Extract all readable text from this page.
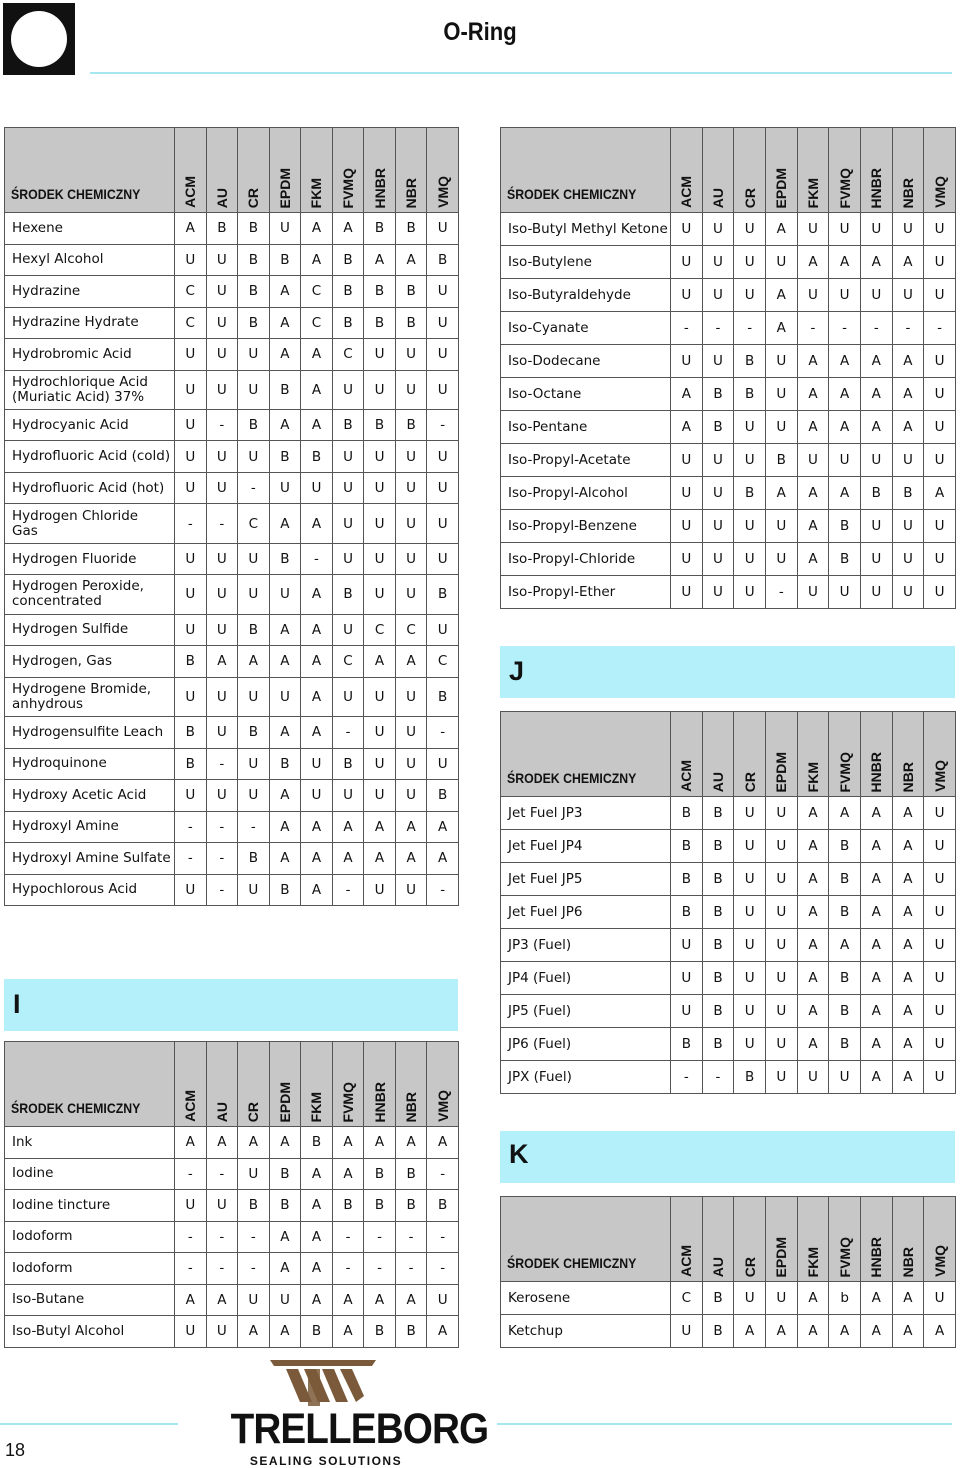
O-Ring
ŚRODEK CHEMICZNY	ACM	AU	CR	EPDM	FKM	FVMQ	HNBR	NBR	VMQ

Hexene	A	B	B	U	A	A	B	B	U
Hexyl Alcohol	U	U	B	B	A	B	A	A	B
Hydrazine	C	U	B	A	C	B	B	B	U
Hydrazine Hydrate	C	U	B	A	C	B	B	B	U
Hydrobromic Acid	U	U	U	A	A	C	U	U	U

Hydrochlorique Acid
(Muriatic Acid) 37%	U	U	U	B	A	U	U	U	U
Hydrocyanic Acid	U	-	B	A	A	B	B	B	-
Hydrofluoric Acid (cold)	U	U	U	B	B	U	U	U	U
Hydrofluoric Acid (hot)	U	U	-	U	U	U	U	U	U

Hydrogen Chloride
Gas	-	-	C	A	A	U	U	U	U
Hydrogen Fluoride	U	U	U	B	-	U	U	U	U

Hydrogen Peroxide,
concentrated	U	U	U	U	A	B	U	U	B
Hydrogen Sulfide	U	U	B	A	A	U	C	C	U
Hydrogen, Gas	B	A	A	A	A	C	A	A	C

Hydrogene Bromide,
anhydrous	U	U	U	U	A	U	U	U	B
Hydrogensulfite Leach	B	U	B	A	A	-	U	U	-
Hydroquinone	B	-	U	B	U	B	U	U	U
Hydroxy Acetic Acid	U	U	U	A	U	U	U	U	B
Hydroxyl Amine	-	-	-	A	A	A	A	A	A
Hydroxyl Amine Sulfate	-	-	B	A	A	A	A	A	A
Hypochlorous Acid	U	-	U	B	A	-	U	U	-
I
ŚRODEK CHEMICZNY	ACM	AU	CR	EPDM	FKM	FVMQ	HNBR	NBR	VMQ

Ink	A	A	A	A	B	A	A	A	A
Iodine	-	-	U	B	A	A	B	B	-
Iodine tincture	U	U	B	B	A	B	B	B	B
Iodoform	-	-	-	A	A	-	-	-	-
Iodoform	-	-	-	A	A	-	-	-	-
Iso-Butane	A	A	U	U	A	A	A	A	U
Iso-Butyl Alcohol	U	U	A	A	B	A	B	B	A
ŚRODEK CHEMICZNY	ACM	AU	CR	EPDM	FKM	FVMQ	HNBR	NBR	VMQ

Iso-Butyl Methyl Ketone	U	U	U	A	U	U	U	U	U
Iso-Butylene	U	U	U	U	A	A	A	A	U
Iso-Butyraldehyde	U	U	U	A	U	U	U	U	U
Iso-Cyanate	-	-	-	A	-	-	-	-	-
Iso-Dodecane	U	U	B	U	A	A	A	A	U
Iso-Octane	A	B	B	U	A	A	A	A	U
Iso-Pentane	A	B	U	U	A	A	A	A	U
Iso-Propyl-Acetate	U	U	U	B	U	U	U	U	U
Iso-Propyl-Alcohol	U	U	B	A	A	A	B	B	A
Iso-Propyl-Benzene	U	U	U	U	A	B	U	U	U
Iso-Propyl-Chloride	U	U	U	U	A	B	U	U	U
Iso-Propyl-Ether	U	U	U	-	U	U	U	U	U
J
ŚRODEK CHEMICZNY	ACM	AU	CR	EPDM	FKM	FVMQ	HNBR	NBR	VMQ

Jet Fuel JP3	B	B	U	U	A	A	A	A	U
Jet Fuel JP4	B	B	U	U	A	B	A	A	U
Jet Fuel JP5	B	B	U	U	A	B	A	A	U
Jet Fuel JP6	B	B	U	U	A	B	A	A	U
JP3 (Fuel)	U	B	U	U	A	A	A	A	U
JP4 (Fuel)	U	B	U	U	A	B	A	A	U
JP5 (Fuel)	U	B	U	U	A	B	A	A	U
JP6 (Fuel)	B	B	U	U	A	B	A	A	U
JPX (Fuel)	-	-	B	U	U	U	A	A	U
K
ŚRODEK CHEMICZNY	ACM	AU	CR	EPDM	FKM	FVMQ	HNBR	NBR	VMQ

Kerosene	C	B	U	U	A	b	A	A	U
Ketchup	U	B	A	A	A	A	A	A	A
18	TRELLEBORG
SEALING SOLUTIONS
